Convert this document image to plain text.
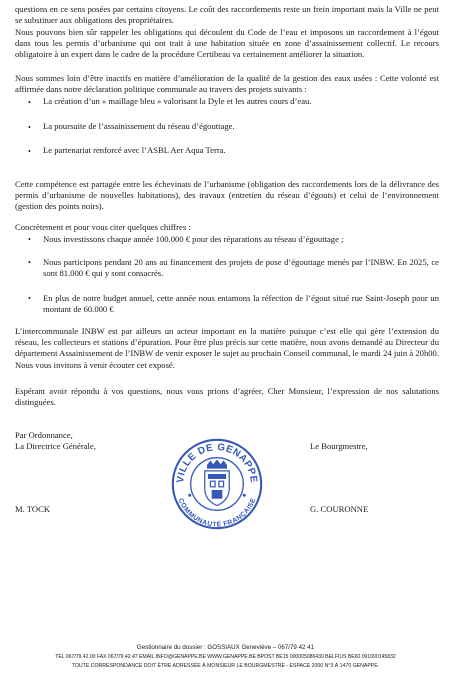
questions en ce sens posées par certains citoyens. Le coût des raccordements reste un frein important mais la Ville ne peut se substituer aux obligations des propriétaires.

Nous pouvons bien sûr rappeler les obligations qui découlent du Code de l’eau et imposons un raccordement à l’égout dans tous les permis d’urbanisme qui ont trait à une habitation située en zone d’assainissement collectif. Le recours obligatoire à un expert dans le cadre de la procédure Certibeau va certainement améliorer la situation.

Nous sommes loin d’être inactifs en matière d’amélioration de la qualité de la gestion des eaux usées : Cette volonté est affirmée dans notre déclaration politique communale au travers des projets suivants :

• La création d’un « maillage bleu » valorisant la Dyle et les autres cours d’eau.

• La poursuite de l’assainissement du réseau d’égouttage.

• Le partenariat renforcé avec l’ASBL Aer Aqua Terra.

Cette compétence est partagée entre les échevinats de l’urbanisme (obligation des raccordements lors de la délivrance des permis d’urbanisme de nouvelles habitations), des travaux (entretien du réseau d’égouts) et celui de l’environnement (gestion des points noirs).

Concrètement et pour vous citer quelques chiffres :

• Nous investissons chaque année 100.000 € pour des réparations au réseau d’égouttage ;

• Nous participons pendant 20 ans au financement des projets de pose d’égouttage menés par l’INBW. En 2025, ce sont 81.000 € qui y sont consacrés.

• En plus de notre budget annuel, cette année nous entamons la réfection de l’égout situé rue Saint-Joseph pour un montant de 60.000 €

L’intercommunale INBW est par ailleurs un acteur important en la matière puisque c’est elle qui gère l’extension du réseau, les collecteurs et stations d’épuration. Pour être plus précis sur cette matière, nous avons demandé au Directeur du département Assainissement de l’INBW de venir exposer le sujet au prochain Conseil communal, le mardi 24 juin à 20h00. Nous vous invitons à venir écouter cet exposé.

Espérant avoir répondu à vos questions, nous vous prions d’agréer, Cher Monsieur, l’expression de nos salutations distinguées.

Par Ordonnance,
La Directrice Générale,	Le Bourgmestre,
VILLE DE GENAPPE
COMMUNAUTÉ FRANÇAISE
M. TOCK	G. COURONNE
Gestionnaire du dossier : GOSSIAUX Geneviève – 067/79 42 41
TÉL 067/79.42.00 FAX 067/79.42.47 EMAIL INFO@GENAPPE.BE WWW.GENAPPE.BE BPOST BE15 000005086430 BELFIUS BE60 091000145832
TOUTE CORRESPONDANCE DOIT ÊTRE ADRESSÉE À MONSIEUR LE BOURGMESTRE - ESPACE 2000 N°3 À 1470 GENAPPE.
